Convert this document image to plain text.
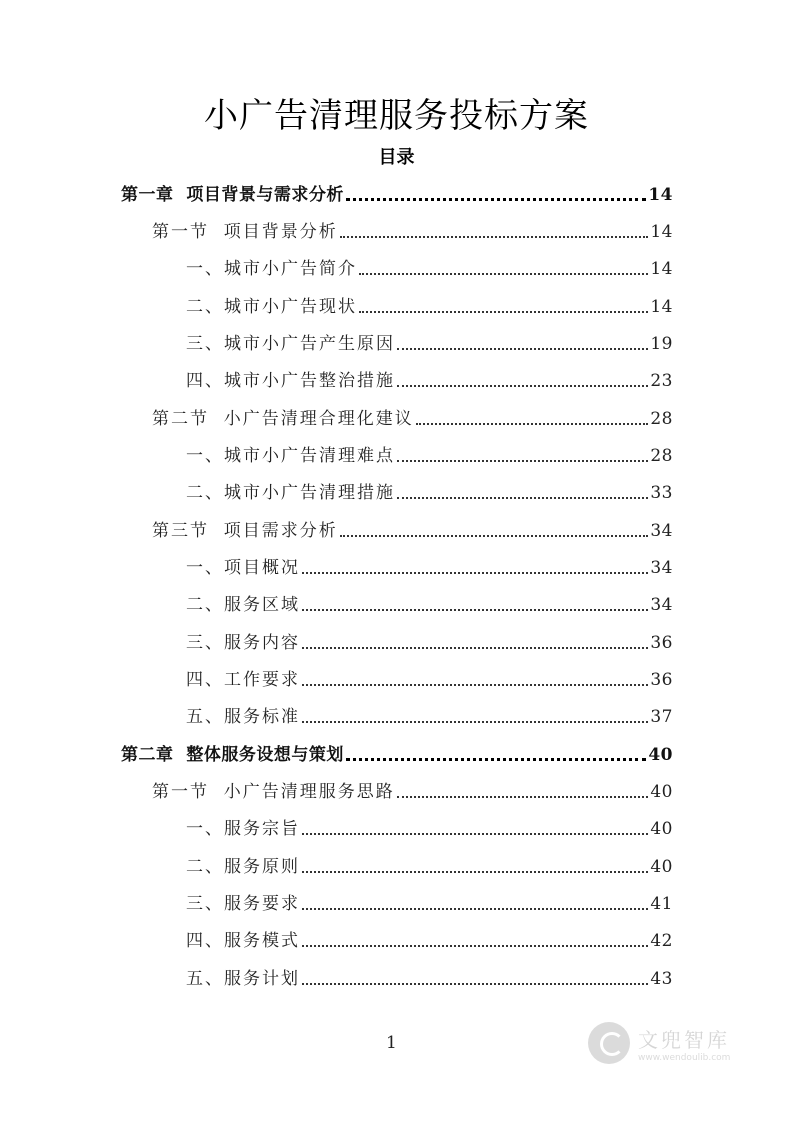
小广告清理服务投标方案
目录
第一章  项目背景与需求分析	14
第一节  项目背景分析	14
一、城市小广告简介	14
二、城市小广告现状	14
三、城市小广告产生原因	19
四、城市小广告整治措施	23
第二节  小广告清理合理化建议	28
一、城市小广告清理难点	28
二、城市小广告清理措施	33
第三节  项目需求分析	34
一、项目概况	34
二、服务区域	34
三、服务内容	36
四、工作要求	36
五、服务标准	37
第二章  整体服务设想与策划	40
第一节  小广告清理服务思路	40
一、服务宗旨	40
二、服务原则	40
三、服务要求	41
四、服务模式	42
五、服务计划	43
1	文兜智库
www.wendoulib.com
